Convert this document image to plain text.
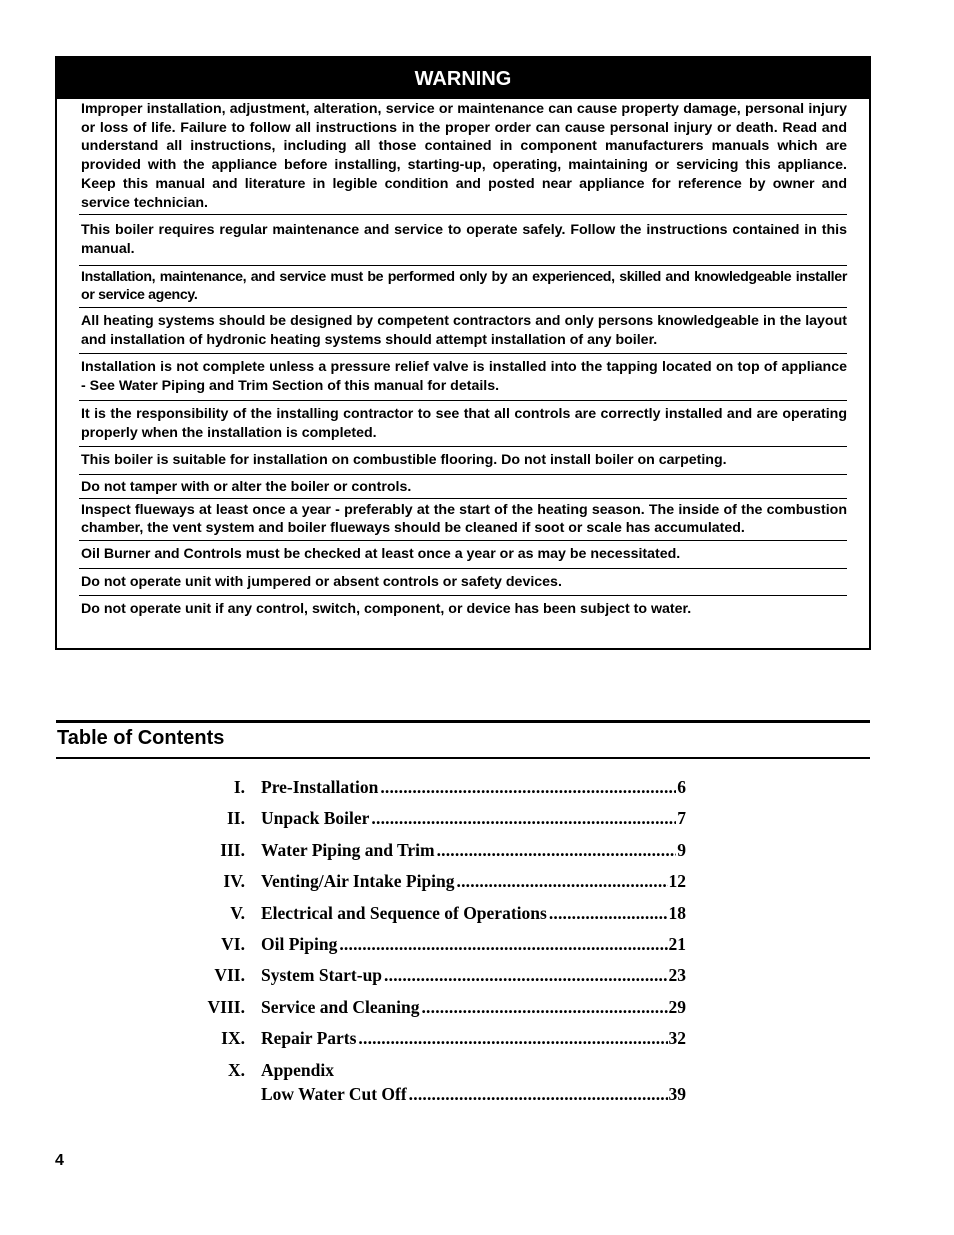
WARNING
Improper installation, adjustment, alteration, service or maintenance can cause property damage, personal injury or loss of life. Failure to follow all instructions in the proper order can cause personal injury or death. Read and understand all instructions, including all those contained in component manufacturers manuals which are provided with the appliance before installing, starting-up, operating, maintaining or servicing this appliance. Keep this manual and literature in legible condition and posted near appliance for reference by owner and service technician.
This boiler requires regular maintenance and service to operate safely. Follow the instructions contained in this manual.
Installation, maintenance, and service must be performed only by an experienced, skilled and knowledgeable installer or service agency.
All heating systems should be designed by competent contractors and only persons knowledgeable in the layout and installation of hydronic heating systems should attempt installation of any boiler.
Installation is not complete unless a pressure relief valve is installed into the tapping located on top of appliance - See Water Piping and Trim Section of this manual for details.
It is the responsibility of the installing contractor to see that all controls are correctly installed and are operating properly when the installation is completed.
This boiler is suitable for installation on combustible flooring. Do not install boiler on carpeting.
Do not tamper with or alter the boiler or controls.
Inspect flueways at least once a year - preferably at the start of the heating season. The inside of the combustion chamber, the vent system and boiler flueways should be cleaned if soot or scale has accumulated.
Oil Burner and Controls must be checked at least once a year or as may be necessitated.
Do not operate unit with jumpered or absent controls or safety devices.
Do not operate unit if any control, switch, component, or device has been subject to water.
Table of Contents
I. Pre-Installation .....	6
II. Unpack Boiler .....	7
III. Water Piping and Trim .....	9
IV. Venting/Air Intake Piping .....	12
V. Electrical and Sequence of Operations .....	18
VI. Oil Piping .....	21
VII. System Start-up .....	23
VIII. Service and Cleaning .....	29
IX. Repair Parts .....	32
X. Appendix
Low Water Cut Off .....	39
4
